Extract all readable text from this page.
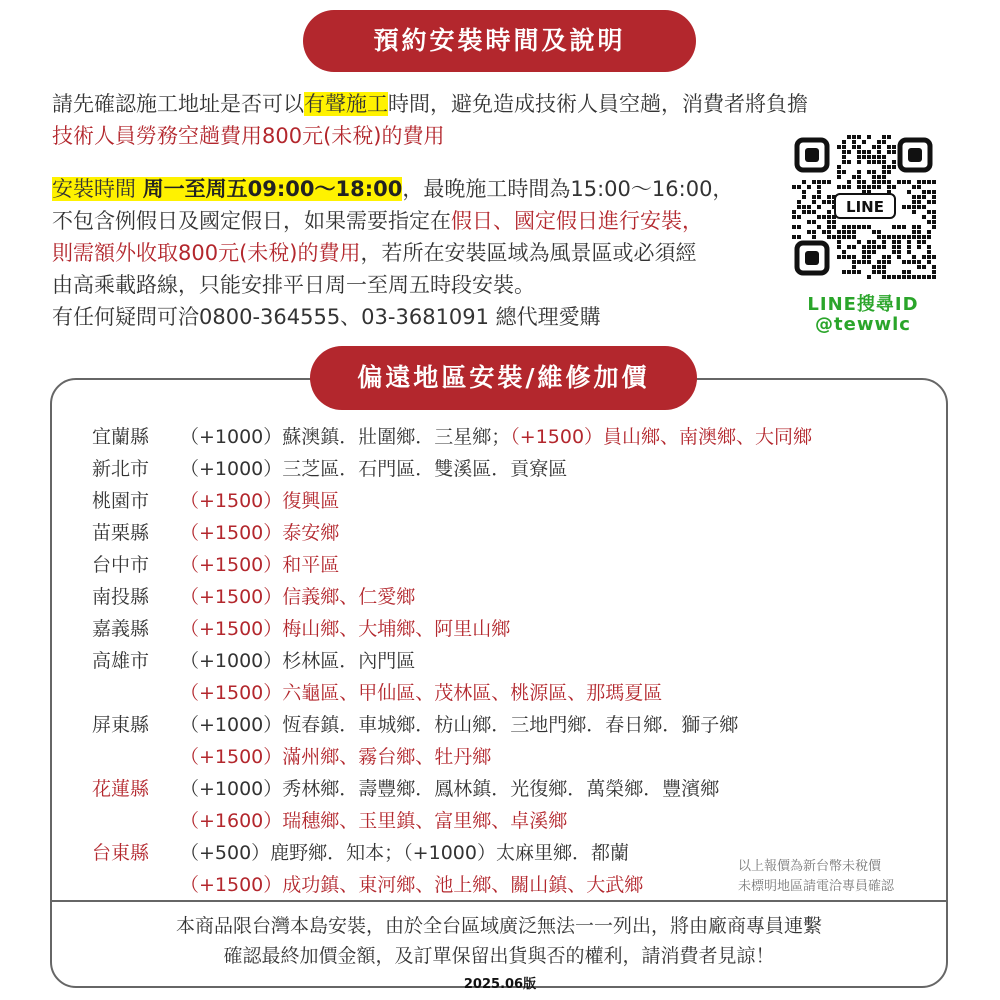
預約安裝時間及說明
請先確認施工地址是否可以有聲施工時間，避免造成技術人員空趟，消費者將負擔
技術人員勞務空趟費用800元(未稅)的費用
安裝時間 周一至周五09:00～18:00，最晚施工時間為15:00～16:00，
不包含例假日及國定假日，如果需要指定在假日、國定假日進行安裝，
則需額外收取800元(未稅)的費用，若所在安裝區域為風景區或必須經
由高乘載路線，只能安排平日周一至周五時段安裝。
有任何疑問可洽0800-364555、03-3681091 總代理愛購
LINE
LINE搜尋ID
@tewwlc
偏遠地區安裝/維修加價
宜蘭縣 （+1000）蘇澳鎮．壯圍鄉．三星鄉；（+1500）員山鄉、南澳鄉、大同鄉
新北市 （+1000）三芝區．石門區．雙溪區．貢寮區
桃園市 （+1500）復興區
苗栗縣 （+1500）泰安鄉
台中市 （+1500）和平區
南投縣 （+1500）信義鄉、仁愛鄉
嘉義縣 （+1500）梅山鄉、大埔鄉、阿里山鄉
高雄市 （+1000）杉林區．內門區
（+1500）六龜區、甲仙區、茂林區、桃源區、那瑪夏區
屏東縣 （+1000）恆春鎮．車城鄉．枋山鄉．三地門鄉．春日鄉．獅子鄉
（+1500）滿州鄉、霧台鄉、牡丹鄉
花蓮縣 （+1000）秀林鄉．壽豐鄉．鳳林鎮．光復鄉．萬榮鄉．豐濱鄉
（+1600）瑞穗鄉、玉里鎮、富里鄉、卓溪鄉
台東縣 （+500）鹿野鄉．知本；（+1000）太麻里鄉．都蘭
（+1500）成功鎮、東河鄉、池上鄉、關山鎮、大武鄉
以上報價為新台幣未稅價
未標明地區請電洽專員確認
本商品限台灣本島安裝，由於全台區域廣泛無法一一列出，將由廠商專員連繫
確認最終加價金額，及訂單保留出貨與否的權利，請消費者見諒！
2025.06版
